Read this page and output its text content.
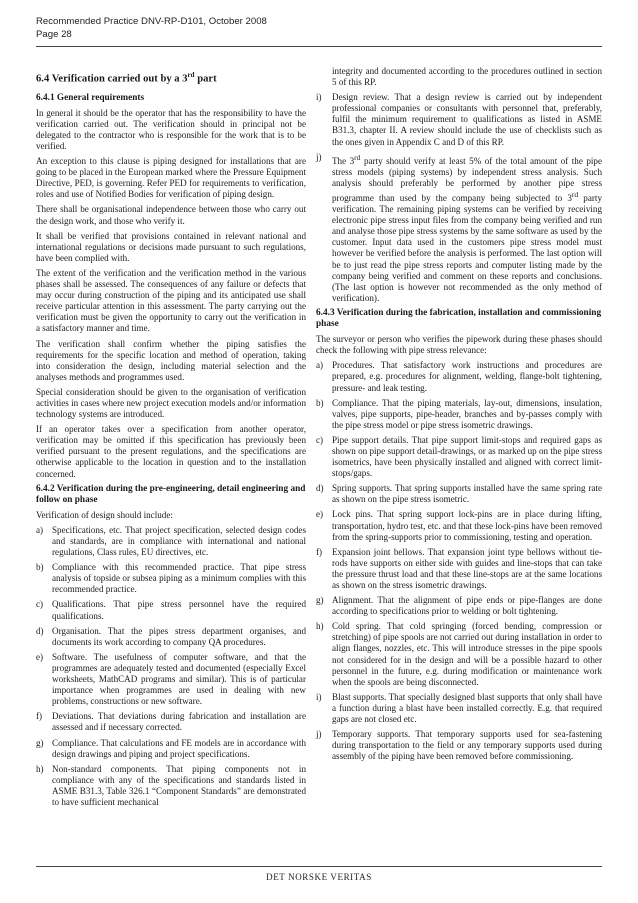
Recommended Practice DNV-RP-D101, October 2008
Page 28
6.4 Verification carried out by a 3rd part
6.4.1 General requirements

In general it should be the operator that has the responsibility to have the verification carried out. The verification should in principal not be delegated to the contractor who is responsible for the work that is to be verified.

An exception to this clause is piping designed for installations that are going to be placed in the European marked where the Pressure Equipment Directive, PED, is governing. Refer PED for requirements to verification, roles and use of Notified Bodies for verification of piping design.

There shall be organisational independence between those who carry out the design work, and those who verify it.

It shall be verified that provisions contained in relevant national and international regulations or decisions made pursuant to such regulations, have been complied with.

The extent of the verification and the verification method in the various phases shall be assessed. The consequences of any failure or defects that may occur during construction of the piping and its anticipated use shall receive particular attention in this assessment. The party carrying out the verification must be given the opportunity to carry out the verification in a satisfactory manner and time.

The verification shall confirm whether the piping satisfies the requirements for the specific location and method of operation, taking into consideration the design, including material selection and the analyses methods and programmes used.

Special consideration should be given to the organisation of verification activities in cases where new project execution models and/or information technology systems are introduced.

If an operator takes over a specification from another operator, verification may be omitted if this specification has previously been verified pursuant to the present regulations, and the specifications are otherwise applicable to the location in question and to the installation concerned.

6.4.2 Verification during the pre-engineering, detail engineering and follow on phase

Verification of design should include:

a) Specifications, etc. That project specification, selected design codes and standards, are in compliance with international and national regulations, Class rules, EU directives, etc.
b) Compliance with this recommended practice. That pipe stress analysis of topside or subsea piping as a minimum complies with this recommended practice.
c) Qualifications. That pipe stress personnel have the required qualifications.
d) Organisation. That the pipes stress department organises, and documents its work according to company QA procedures.
e) Software. The usefulness of computer software, and that the programmes are adequately tested and documented (especially Excel worksheets, MathCAD programs and similar). This is of particular importance when programmes are used in dealing with new problems, constructions or new software.
f)	Deviations. That deviations during fabrication and installation are assessed and if necessary corrected.
g) Compliance. That calculations and FE models are in accordance with design drawings and piping and project specifications.
h) Non-standard components. That piping components not in compliance with any of the specifications and standards listed in ASME B31.3, Table 326.1 “Component Standards” are demonstrated to have sufficient mechanical
integrity and documented according to the procedures outlined in section 5 of this RP.
i)	Design review. That a design review is carried out by independent professional companies or consultants with personnel that, preferably, fulfil the minimum requirement to qualifications as listed in ASME B31.3, chapter II. A review should include the use of checklists such as the ones given in Appendix C and D of this RP.
j)	The 3rd party should verify at least 5% of the total amount of the pipe stress models (piping systems) by independent stress analysis. Such analysis should preferably be performed by another pipe stress programme than used by the company being subjected to 3rd party verification. The remaining piping systems can be verified by receiving electronic pipe stress input files from the company being verified and run and analyse those pipe stress systems by the same software as used by the customer. Input data used in the customers pipe stress model must however be verified before the analysis is performed. The last option will be to just read the pipe stress reports and computer listing made by the company being verified and comment on these reports and conclusions. (The last option is however not recommended as the only method of verification).
6.4.3 Verification during the fabrication, installation and commissioning phase

The surveyor or person who verifies the pipework during these phases should check the following with pipe stress relevance:

a) Procedures. That satisfactory work instructions and procedures are prepared, e.g. procedures for alignment, welding, flange-bolt tightening, pressure- and leak testing.
b) Compliance. That the piping materials, lay-out, dimensions, insulation, valves, pipe supports, pipe-header, branches and by-passes comply with the pipe stress model or pipe stress isometric drawings.
c) Pipe support details. That pipe support limit-stops and required gaps as shown on pipe support detail-drawings, or as marked up on the pipe stress isometrics, have been physically installed and aligned with correct limit-stops/gaps.
d) Spring supports. That spring supports installed have the same spring rate as shown on the pipe stress isometric.
e) Lock pins. That spring support lock-pins are in place during lifting, transportation, hydro test, etc. and that these lock-pins have been removed from the spring-supports prior to commissioning, testing and operation.
f)	Expansion joint bellows. That expansion joint type bellows without tie-rods have supports on either side with guides and line-stops that can take the pressure thrust load and that these line-stops are at the same locations as shown on the stress isometric drawings.
g) Alignment. That the alignment of pipe ends or pipe-flanges are done according to specifications prior to welding or bolt tightening.
h) Cold spring. That cold springing (forced bending, compression or stretching) of pipe spools are not carried out during installation in order to align flanges, nozzles, etc. This will introduce stresses in the pipe spools not considered for in the design and will be a possible hazard to other personnel in the future, e.g. during modification or maintenance work when the spools are being disconnected.
i)	Blast supports. That specially designed blast supports that only shall have a function during a blast have been installed correctly. E.g. that required gaps are not closed etc.
j)	Temporary supports. That temporary supports used for sea-fastening during transportation to the field or any temporary supports used during assembly of the piping have been removed before commissioning.
DET NORSKE VERITAS
